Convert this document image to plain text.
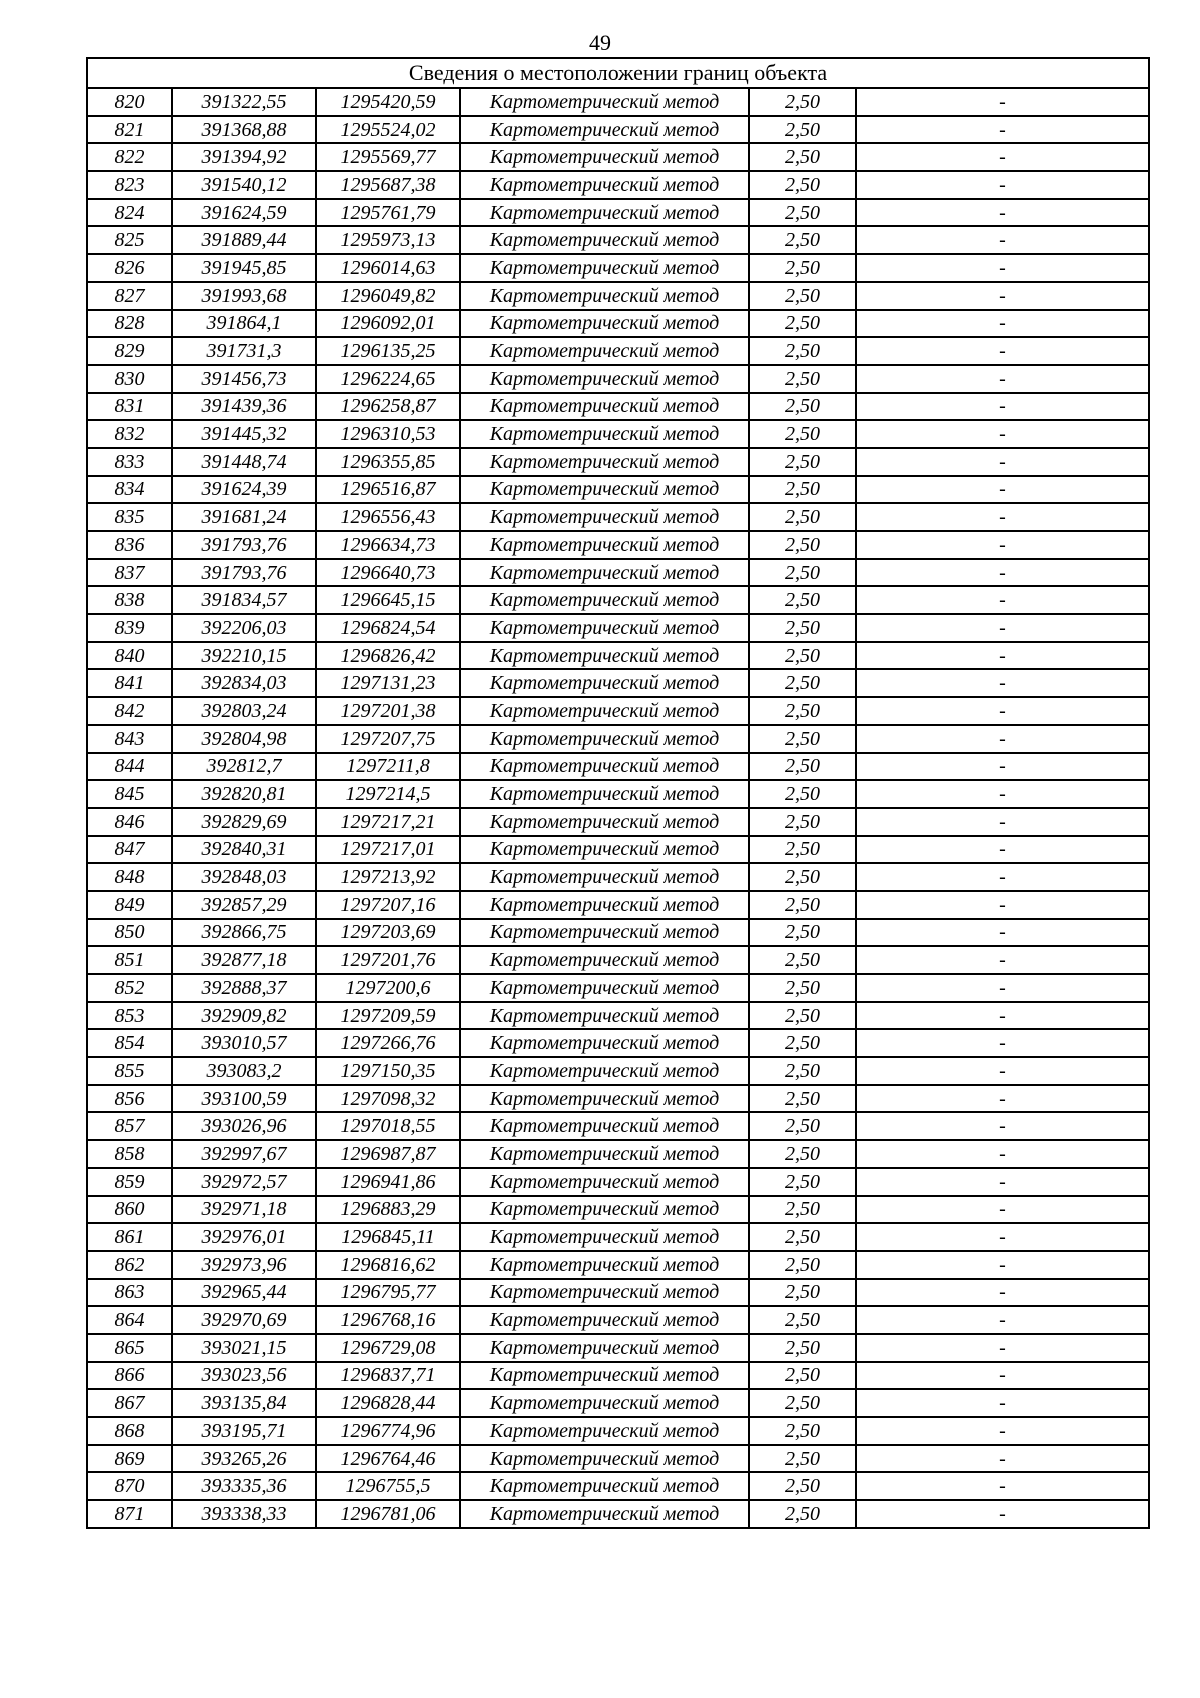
49
Сведения о местоположении границ объекта					
820	391322,55	1295420,59	Картометрический метод	2,50	-
821	391368,88	1295524,02	Картометрический метод	2,50	-
822	391394,92	1295569,77	Картометрический метод	2,50	-
823	391540,12	1295687,38	Картометрический метод	2,50	-
824	391624,59	1295761,79	Картометрический метод	2,50	-
825	391889,44	1295973,13	Картометрический метод	2,50	-
826	391945,85	1296014,63	Картометрический метод	2,50	-
827	391993,68	1296049,82	Картометрический метод	2,50	-
828	391864,1	1296092,01	Картометрический метод	2,50	-
829	391731,3	1296135,25	Картометрический метод	2,50	-
830	391456,73	1296224,65	Картометрический метод	2,50	-
831	391439,36	1296258,87	Картометрический метод	2,50	-
832	391445,32	1296310,53	Картометрический метод	2,50	-
833	391448,74	1296355,85	Картометрический метод	2,50	-
834	391624,39	1296516,87	Картометрический метод	2,50	-
835	391681,24	1296556,43	Картометрический метод	2,50	-
836	391793,76	1296634,73	Картометрический метод	2,50	-
837	391793,76	1296640,73	Картометрический метод	2,50	-
838	391834,57	1296645,15	Картометрический метод	2,50	-
839	392206,03	1296824,54	Картометрический метод	2,50	-
840	392210,15	1296826,42	Картометрический метод	2,50	-
841	392834,03	1297131,23	Картометрический метод	2,50	-
842	392803,24	1297201,38	Картометрический метод	2,50	-
843	392804,98	1297207,75	Картометрический метод	2,50	-
844	392812,7	1297211,8	Картометрический метод	2,50	-
845	392820,81	1297214,5	Картометрический метод	2,50	-
846	392829,69	1297217,21	Картометрический метод	2,50	-
847	392840,31	1297217,01	Картометрический метод	2,50	-
848	392848,03	1297213,92	Картометрический метод	2,50	-
849	392857,29	1297207,16	Картометрический метод	2,50	-
850	392866,75	1297203,69	Картометрический метод	2,50	-
851	392877,18	1297201,76	Картометрический метод	2,50	-
852	392888,37	1297200,6	Картометрический метод	2,50	-
853	392909,82	1297209,59	Картометрический метод	2,50	-
854	393010,57	1297266,76	Картометрический метод	2,50	-
855	393083,2	1297150,35	Картометрический метод	2,50	-
856	393100,59	1297098,32	Картометрический метод	2,50	-
857	393026,96	1297018,55	Картометрический метод	2,50	-
858	392997,67	1296987,87	Картометрический метод	2,50	-
859	392972,57	1296941,86	Картометрический метод	2,50	-
860	392971,18	1296883,29	Картометрический метод	2,50	-
861	392976,01	1296845,11	Картометрический метод	2,50	-
862	392973,96	1296816,62	Картометрический метод	2,50	-
863	392965,44	1296795,77	Картометрический метод	2,50	-
864	392970,69	1296768,16	Картометрический метод	2,50	-
865	393021,15	1296729,08	Картометрический метод	2,50	-
866	393023,56	1296837,71	Картометрический метод	2,50	-
867	393135,84	1296828,44	Картометрический метод	2,50	-
868	393195,71	1296774,96	Картометрический метод	2,50	-
869	393265,26	1296764,46	Картометрический метод	2,50	-
870	393335,36	1296755,5	Картометрический метод	2,50	-
871	393338,33	1296781,06	Картометрический метод	2,50	-
